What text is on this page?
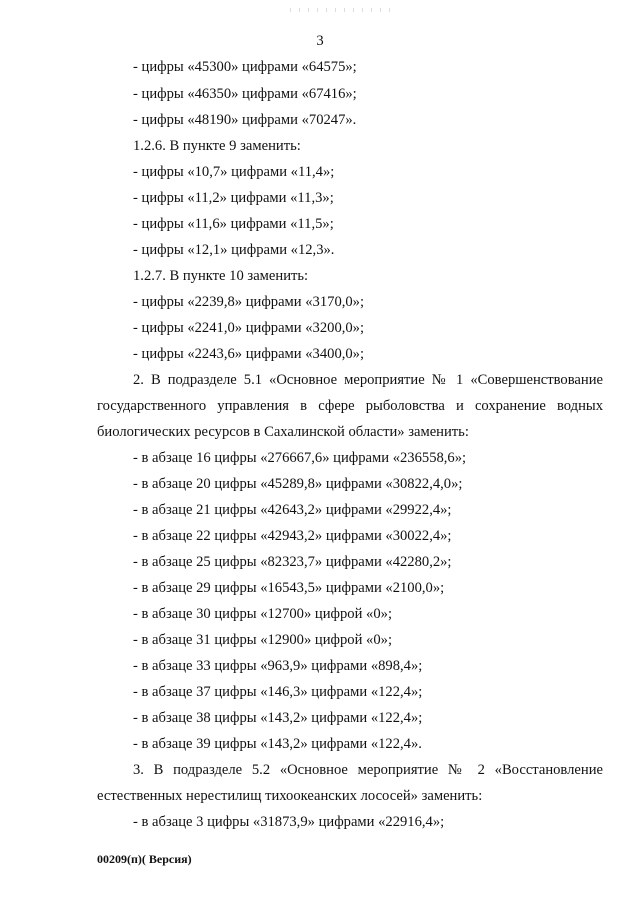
3
- цифры «45300» цифрами «64575»;
- цифры «46350» цифрами «67416»;
- цифры «48190» цифрами «70247».
1.2.6. В пункте 9 заменить:
- цифры «10,7» цифрами «11,4»;
- цифры «11,2» цифрами «11,3»;
- цифры «11,6» цифрами «11,5»;
- цифры «12,1» цифрами «12,3».
1.2.7. В пункте 10 заменить:
- цифры «2239,8» цифрами «3170,0»;
- цифры «2241,0» цифрами «3200,0»;
- цифры «2243,6» цифрами «3400,0»;
2. В подразделе 5.1 «Основное мероприятие № 1 «Совершенствование
государственного управления в сфере рыболовства и сохранение водных
биологических ресурсов в Сахалинской области» заменить:
- в абзаце 16 цифры «276667,6» цифрами «236558,6»;
- в абзаце 20 цифры «45289,8» цифрами «30822,4,0»;
- в абзаце 21 цифры «42643,2» цифрами «29922,4»;
- в абзаце 22 цифры «42943,2» цифрами «30022,4»;
- в абзаце 25 цифры «82323,7» цифрами «42280,2»;
- в абзаце 29 цифры «16543,5» цифрами «2100,0»;
- в абзаце 30 цифры «12700» цифрой «0»;
- в абзаце 31 цифры «12900» цифрой «0»;
- в абзаце 33 цифры «963,9» цифрами «898,4»;
- в абзаце 37 цифры «146,3» цифрами «122,4»;
- в абзаце 38 цифры «143,2» цифрами «122,4»;
- в абзаце 39 цифры «143,2» цифрами «122,4».
3. В подразделе 5.2 «Основное мероприятие № 2 «Восстановление
естественных нерестилищ тихоокеанских лососей» заменить:
- в абзаце 3 цифры «31873,9» цифрами «22916,4»;
00209(п)( Версия)
